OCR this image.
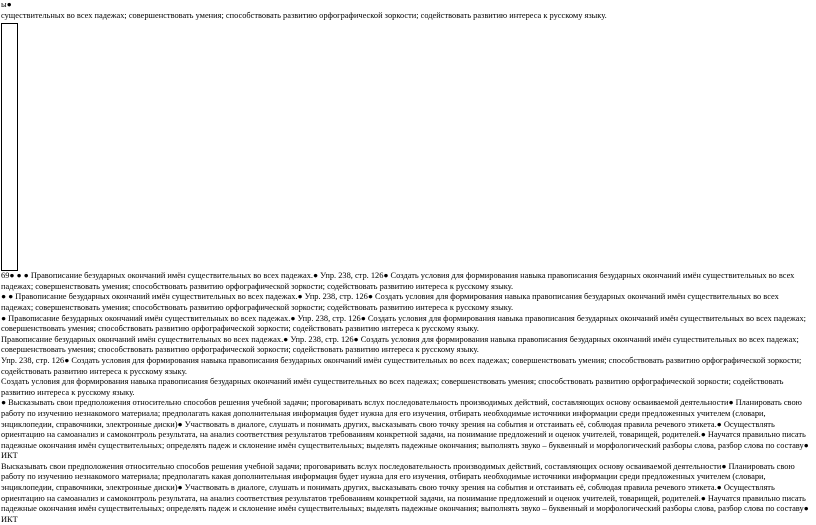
ы●
существительных во всех падежах; совершенствовать умения; способствовать развитию орфографической зоркости; содействовать развитию интереса к русскому языку.

69● ● ● Правописание безударных окончаний имён существительных во всех падежах.● Упр. 238, стр. 126● Создать условия для формирования навыка правописания безударных окончаний имён существительных во всех падежах; совершенствовать умения; способствовать развитию орфографической зоркости; содействовать развитию интереса к русскому языку.

● ● Правописание безударных окончаний имён существительных во всех падежах.● Упр. 238, стр. 126● Создать условия для формирования навыка правописания безударных окончаний имён существительных во всех падежах; совершенствовать умения; способствовать развитию орфографической зоркости; содействовать развитию интереса к русскому языку.

● Правописание безударных окончаний имён существительных во всех падежах.● Упр. 238, стр. 126● Создать условия для формирования навыка правописания безударных окончаний имён существительных во всех падежах; совершенствовать умения; способствовать развитию орфографической зоркости; содействовать развитию интереса к русскому языку.

Правописание безударных окончаний имён существительных во всех падежах.● Упр. 238, стр. 126● Создать условия для формирования навыка правописания безударных окончаний имён существительных во всех падежах; совершенствовать умения; способствовать развитию орфографической зоркости; содействовать развитию интереса к русскому языку.

Упр. 238, стр. 126● Создать условия для формирования навыка правописания безударных окончаний имён существительных во всех падежах; совершенствовать умения; способствовать развитию орфографической зоркости; содействовать развитию интереса к русскому языку.

Создать условия для формирования навыка правописания безударных окончаний имён существительных во всех падежах; совершенствовать умения; способствовать развитию орфографической зоркости; содействовать развитию интереса к русскому языку.

● Высказывать свои предположения относительно способов решения учебной задачи; проговаривать вслух последовательность производимых действий, составляющих основу осваиваемой деятельности● Планировать свою работу по изучению незнакомого материала; предполагать какая дополнительная информация будет нужна для его изучения, отбирать необходимые источники информации среди предложенных учителем (словари, энциклопедии, справочники, электронные диски)● Участвовать в диалоге, слушать и понимать других, высказывать свою точку зрения на события и отстаивать её, соблюдая правила речевого этикета.● Осуществлять ориентацию на самоанализ и самоконтроль результата, на анализ соответствия результатов требованиям конкретной задачи, на понимание предложений и оценок учителей, товарищей, родителей.● Научатся правильно писать падежные окончания имён существительных; определять падеж и склонение имён существительных; выделять падежные окончания; выполнять звуко – буквенный и морфологический разборы слова, разбор слова по составу● ИКТ

Высказывать свои предположения относительно способов решения учебной задачи; проговаривать вслух последовательность производимых действий, составляющих основу осваиваемой деятельности● Планировать свою работу по изучению незнакомого материала; предполагать какая дополнительная информация будет нужна для его изучения, отбирать необходимые источники информации среди предложенных учителем (словари, энциклопедии, справочники, электронные диски)● Участвовать в диалоге, слушать и понимать других, высказывать свою точку зрения на события и отстаивать её, соблюдая правила речевого этикета.● Осуществлять ориентацию на самоанализ и самоконтроль результата, на анализ соответствия результатов требованиям конкретной задачи, на понимание предложений и оценок учителей, товарищей, родителей.● Научатся правильно писать падежные окончания имён существительных; определять падеж и склонение имён существительных; выделять падежные окончания; выполнять звуко – буквенный и морфологический разборы слова, разбор слова по составу● ИКТ
